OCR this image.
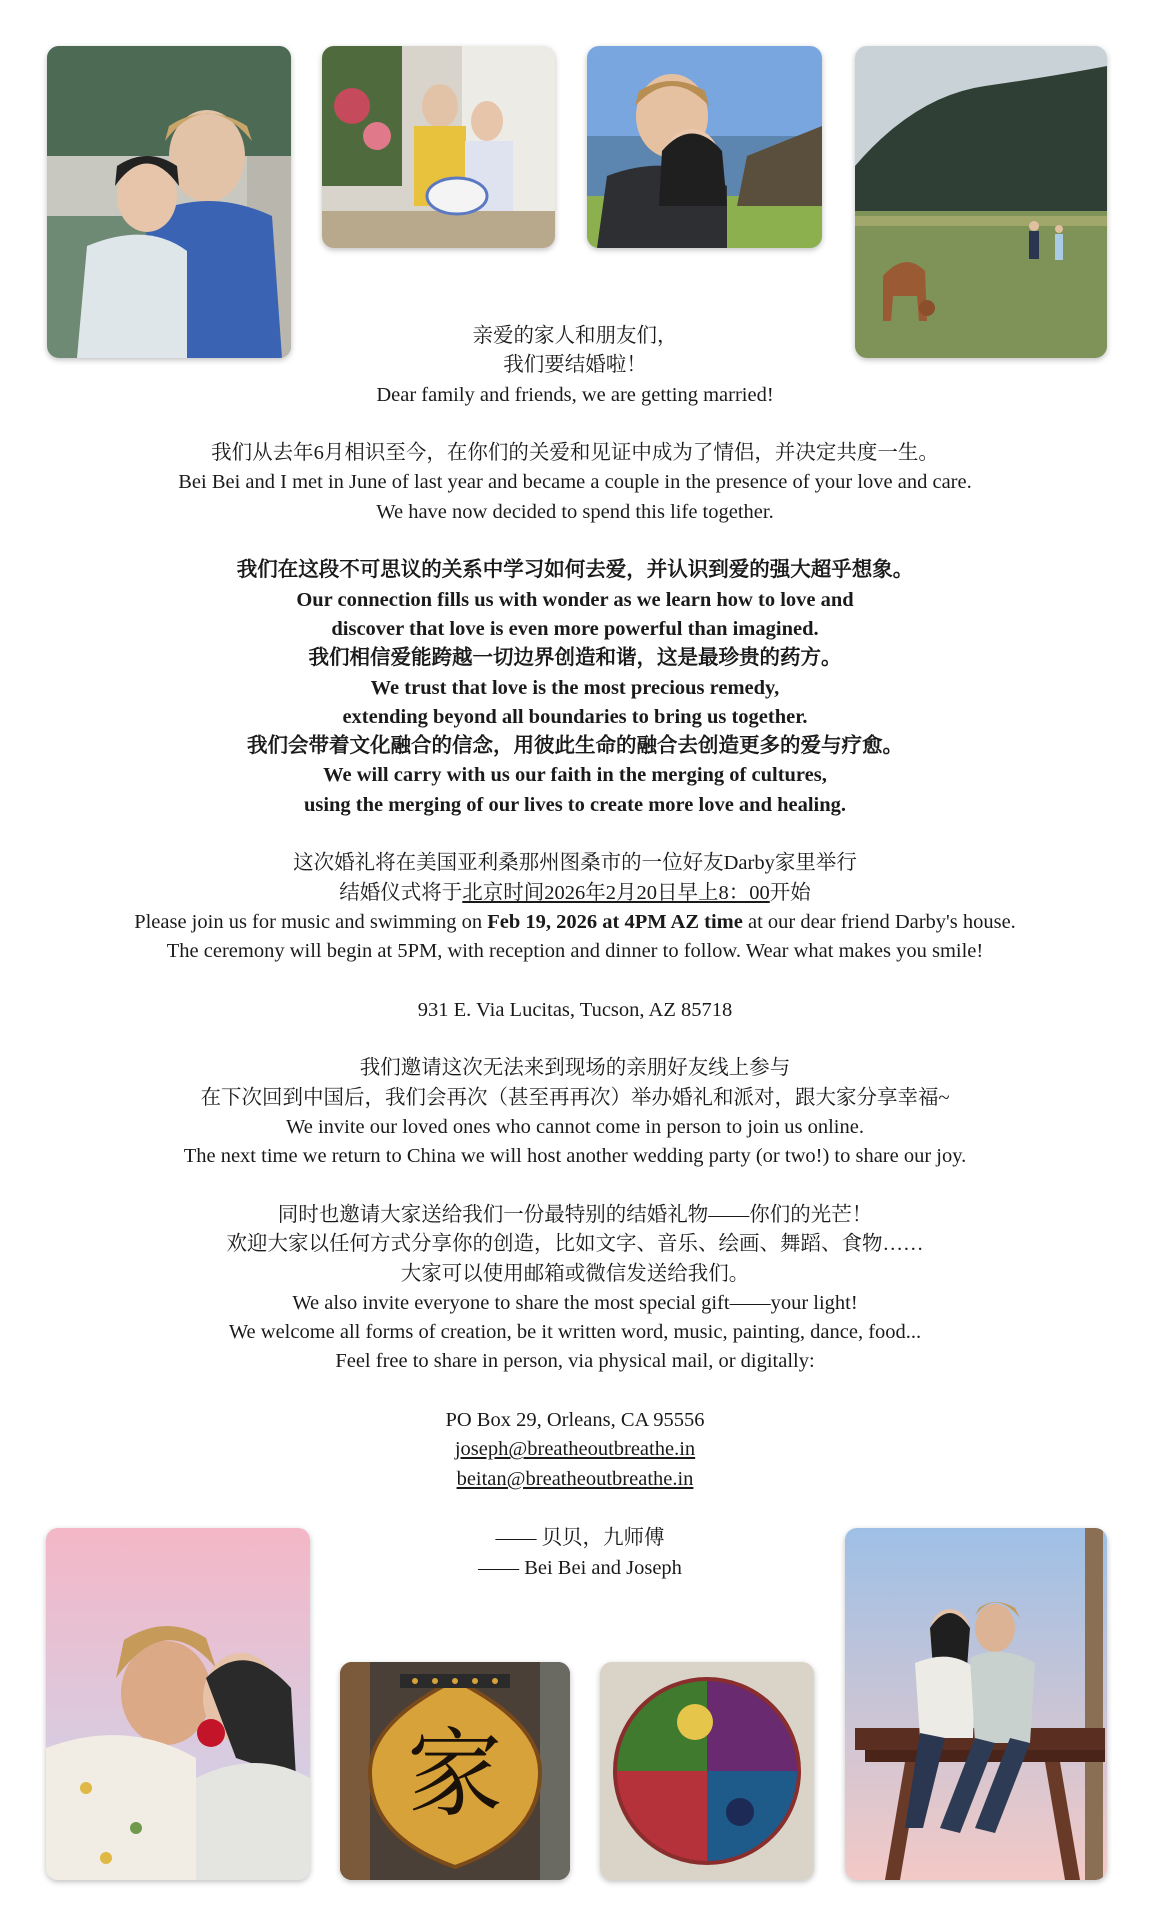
亲爱的家人和朋友们，

我们要结婚啦！

Dear family and friends, we are getting married!

我们从去年6月相识至今，在你们的关爱和见证中成为了情侣，并决定共度一生。

Bei Bei and I met in June of last year and became a couple in the presence of your love and care.

We have now decided to spend this life together.

我们在这段不可思议的关系中学习如何去爱，并认识到爱的强大超乎想象。

Our connection fills us with wonder as we learn how to love and

discover that love is even more powerful than imagined.

我们相信爱能跨越一切边界创造和谐，这是最珍贵的药方。

We trust that love is the most precious remedy,

extending beyond all boundaries to bring us together.

我们会带着文化融合的信念，用彼此生命的融合去创造更多的爱与疗愈。

We will carry with us our faith in the merging of cultures,

using the merging of our lives to create more love and healing.

这次婚礼将在美国亚利桑那州图桑市的一位好友Darby家里举行

结婚仪式将于北京时间2026年2月20日早上8：00开始

Please join us for music and swimming on Feb 19, 2026 at 4PM AZ time at our dear friend Darby's house.

The ceremony will begin at 5PM, with reception and dinner to follow. Wear what makes you smile!

931 E. Via Lucitas, Tucson, AZ 85718

我们邀请这次无法来到现场的亲朋好友线上参与

在下次回到中国后，我们会再次（甚至再再次）举办婚礼和派对，跟大家分享幸福~

We invite our loved ones who cannot come in person to join us online.

The next time we return to China we will host another wedding party (or two!) to share our joy.

同时也邀请大家送给我们一份最特别的结婚礼物——你们的光芒！

欢迎大家以任何方式分享你的创造，比如文字、音乐、绘画、舞蹈、食物……

大家可以使用邮箱或微信发送给我们。

We also invite everyone to share the most special gift——your light!

We welcome all forms of creation, be it written word, music, painting, dance, food...

Feel free to share in person, via physical mail, or digitally:

PO Box 29, Orleans, CA 95556

joseph@breatheoutbreathe.in

beitan@breatheoutbreathe.in

—— 贝贝，九师傅

—— Bei Bei and Joseph

家
